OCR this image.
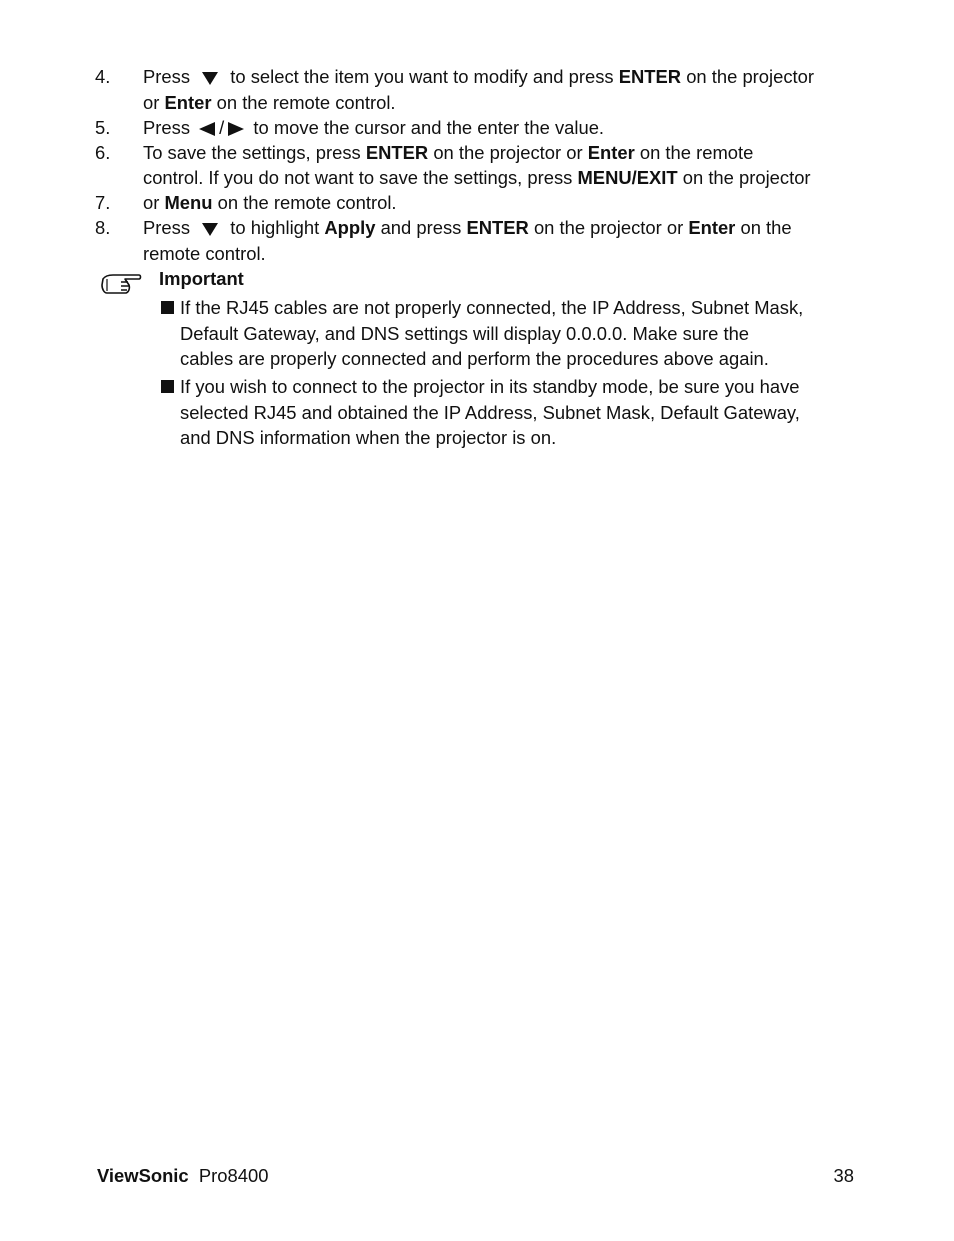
4. Press to select the item you want to modify and press ENTER on the projector
or Enter on the remote control.
5. Press / to move the cursor and the enter the value.
6. To save the settings, press ENTER on the projector or Enter on the remote
control. If you do not want to save the settings, press MENU/EXIT on the projector
7. or Menu on the remote control.
8. Press to highlight Apply and press ENTER on the projector or Enter on the
remote control.
Important
If the RJ45 cables are not properly connected, the IP Address, Subnet Mask,
Default Gateway, and DNS settings will display 0.0.0.0. Make sure the
cables are properly connected and perform the procedures above again.
If you wish to connect to the projector in its standby mode, be sure you have
selected RJ45 and obtained the IP Address, Subnet Mask, Default Gateway,
and DNS information when the projector is on.
ViewSonic Pro8400	38
